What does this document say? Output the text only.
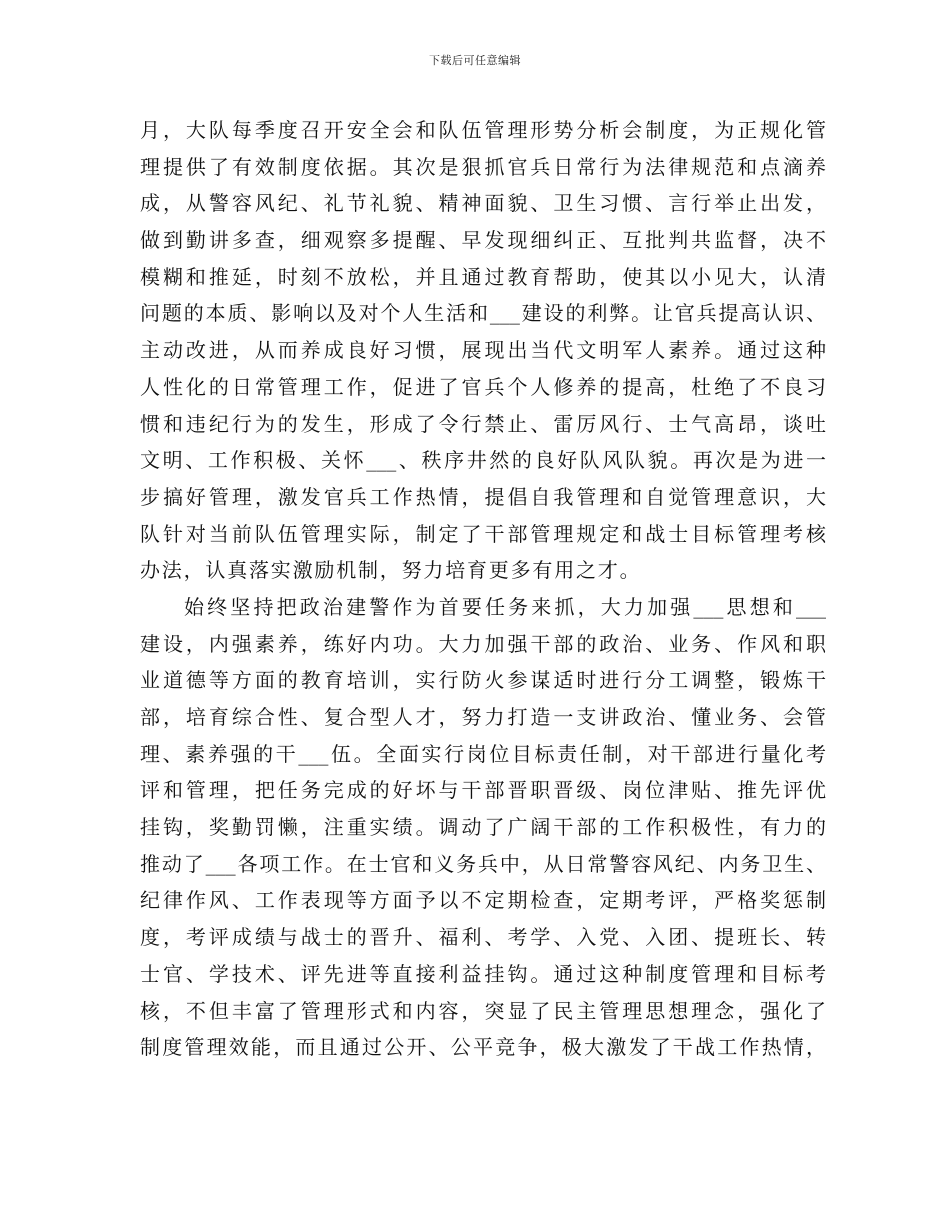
下载后可任意编辑
月，大队每季度召开安全会和队伍管理形势分析会制度，为正规化管
理提供了有效制度依据。其次是狠抓官兵日常行为法律规范和点滴养
成，从警容风纪、礼节礼貌、精神面貌、卫生习惯、言行举止出发，
做到勤讲多查，细观察多提醒、早发现细纠正、互批判共监督，决不
模糊和推延，时刻不放松，并且通过教育帮助，使其以小见大，认清
问题的本质、影响以及对个人生活和___建设的利弊。让官兵提高认识、
主动改进，从而养成良好习惯，展现出当代文明军人素养。通过这种
人性化的日常管理工作，促进了官兵个人修养的提高，杜绝了不良习
惯和违纪行为的发生，形成了令行禁止、雷厉风行、士气高昂，谈吐
文明、工作积极、关怀___、秩序井然的良好队风队貌。再次是为进一
步搞好管理，激发官兵工作热情，提倡自我管理和自觉管理意识，大
队针对当前队伍管理实际，制定了干部管理规定和战士目标管理考核
办法，认真落实激励机制，努力培育更多有用之才。
始终坚持把政治建警作为首要任务来抓，大力加强___思想和___
建设，内强素养，练好内功。大力加强干部的政治、业务、作风和职
业道德等方面的教育培训，实行防火参谋适时进行分工调整，锻炼干
部，培育综合性、复合型人才，努力打造一支讲政治、懂业务、会管
理、素养强的干___伍。全面实行岗位目标责任制，对干部进行量化考
评和管理，把任务完成的好坏与干部晋职晋级、岗位津贴、推先评优
挂钩，奖勤罚懒，注重实绩。调动了广阔干部的工作积极性，有力的
推动了___各项工作。在士官和义务兵中，从日常警容风纪、内务卫生、
纪律作风、工作表现等方面予以不定期检查，定期考评，严格奖惩制
度，考评成绩与战士的晋升、福利、考学、入党、入团、提班长、转
士官、学技术、评先进等直接利益挂钩。通过这种制度管理和目标考
核，不但丰富了管理形式和内容，突显了民主管理思想理念，强化了
制度管理效能，而且通过公开、公平竞争，极大激发了干战工作热情，
